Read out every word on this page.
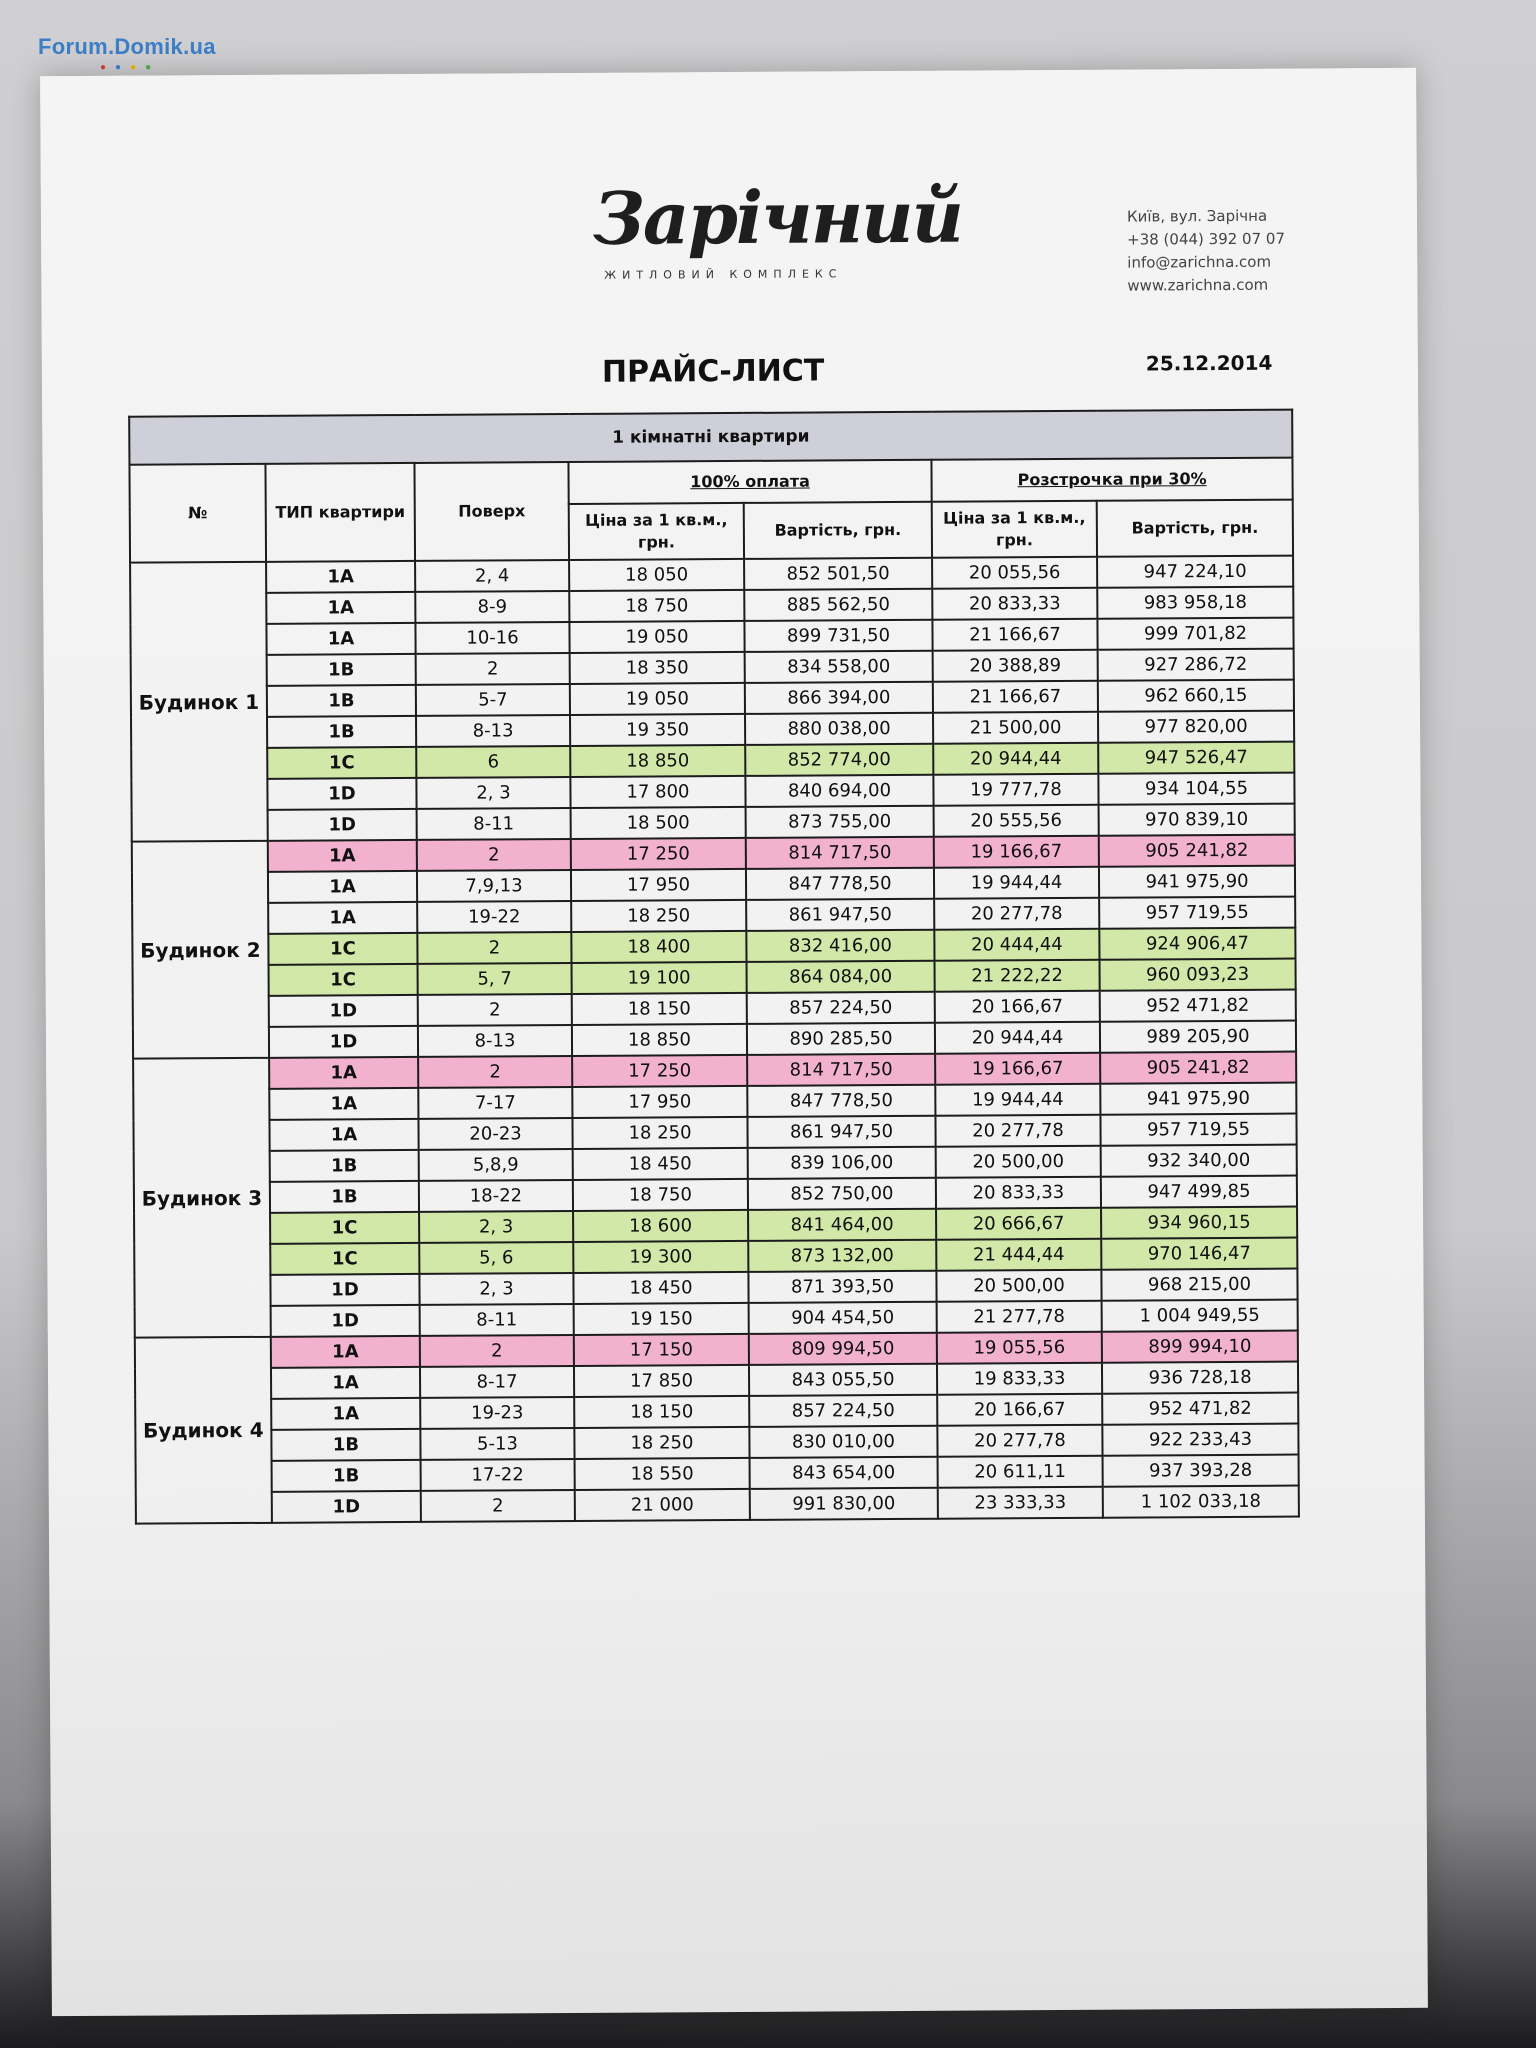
Forum.Domik.ua
●●●●
Зарічний
ЖИТЛОВИЙ КОМПЛЕКС
Київ, вул. Зарічна
+38 (044) 392 07 07
info@zarichna.com
www.zarichna.com
ПРАЙС-ЛИСТ	25.12.2014
1 кімнатні квартири						
№	ТИП квартири	Поверх	100% оплата		Розстрочка при 30%	
			Ціна за 1 кв.м., грн.	Вартість, грн.	Ціна за 1 кв.м., грн.	Вартість, грн.
Будинок 1	1A	2, 4	18 050	852 501,50	20 055,56	947 224,10
	1A	8-9	18 750	885 562,50	20 833,33	983 958,18
	1A	10-16	19 050	899 731,50	21 166,67	999 701,82
	1B	2	18 350	834 558,00	20 388,89	927 286,72
	1B	5-7	19 050	866 394,00	21 166,67	962 660,15
	1B	8-13	19 350	880 038,00	21 500,00	977 820,00
	1C	6	18 850	852 774,00	20 944,44	947 526,47
	1D	2, 3	17 800	840 694,00	19 777,78	934 104,55
	1D	8-11	18 500	873 755,00	20 555,56	970 839,10
Будинок 2	1A	2	17 250	814 717,50	19 166,67	905 241,82
	1A	7,9,13	17 950	847 778,50	19 944,44	941 975,90
	1A	19-22	18 250	861 947,50	20 277,78	957 719,55
	1C	2	18 400	832 416,00	20 444,44	924 906,47
	1C	5, 7	19 100	864 084,00	21 222,22	960 093,23
	1D	2	18 150	857 224,50	20 166,67	952 471,82
	1D	8-13	18 850	890 285,50	20 944,44	989 205,90
Будинок 3	1A	2	17 250	814 717,50	19 166,67	905 241,82
	1A	7-17	17 950	847 778,50	19 944,44	941 975,90
	1A	20-23	18 250	861 947,50	20 277,78	957 719,55
	1B	5,8,9	18 450	839 106,00	20 500,00	932 340,00
	1B	18-22	18 750	852 750,00	20 833,33	947 499,85
	1C	2, 3	18 600	841 464,00	20 666,67	934 960,15
	1C	5, 6	19 300	873 132,00	21 444,44	970 146,47
	1D	2, 3	18 450	871 393,50	20 500,00	968 215,00
	1D	8-11	19 150	904 454,50	21 277,78	1 004 949,55
Будинок 4	1A	2	17 150	809 994,50	19 055,56	899 994,10
	1A	8-17	17 850	843 055,50	19 833,33	936 728,18
	1A	19-23	18 150	857 224,50	20 166,67	952 471,82
	1B	5-13	18 250	830 010,00	20 277,78	922 233,43
	1B	17-22	18 550	843 654,00	20 611,11	937 393,28
	1D	2	21 000	991 830,00	23 333,33	1 102 033,18
